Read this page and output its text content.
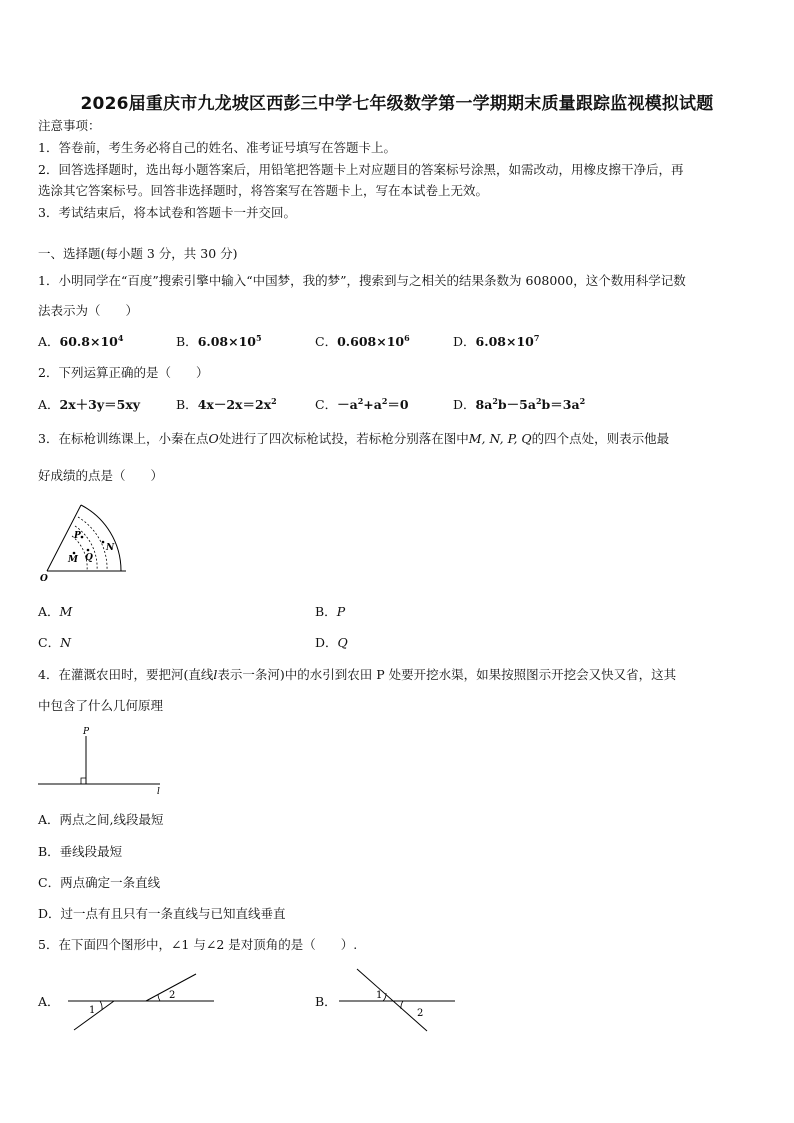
2026届重庆市九龙坡区西彭三中学七年级数学第一学期期末质量跟踪监视模拟试题
注意事项：
1．答卷前，考生务必将自己的姓名、准考证号填写在答题卡上。
2．回答选择题时，选出每小题答案后，用铅笔把答题卡上对应题目的答案标号涂黑，如需改动，用橡皮擦干净后，再
选涂其它答案标号。回答非选择题时，将答案写在答题卡上，写在本试卷上无效。
3．考试结束后，将本试卷和答题卡一并交回。
一、选择题(每小题 3 分，共 30 分)
1．小明同学在“百度”搜索引擎中输入“中国梦，我的梦”，搜索到与之相关的结果条数为 608000，这个数用科学记数
法表示为（　　）
A．$60.8\times 10^4$	B．$6.08\times 10^5$	C．$0.608\times 10^6$	D．$6.08\times 10^7$
2．下列运算正确的是（　　）
A．2x＋3y＝5xy	B．$4x-2x=2x^2$	C．$-a^2+a^2=0$	D．$8a^2b-5a^2b=3a^2$
3．在标枪训练课上，小秦在点O处进行了四次标枪试投，若标枪分别落在图中M, N, P, Q的四个点处，则表示他最
好成绩的点是（　　）
P
Q
M
N
O
A．M	B．P
C．N	D．Q
4．在灌溉农田时，要把河(直线l表示一条河)中的水引到农田 P 处要开挖水渠，如果按照图示开挖会又快又省，这其
中包含了什么几何原理
P
l
A．两点之间,线段最短
B．垂线段最短
C．两点确定一条直线
D．过一点有且只有一条直线与已知直线垂直
5．在下面四个图形中，∠1 与∠2 是对顶角的是（　　）.
A．
1
2	B．	1
2
